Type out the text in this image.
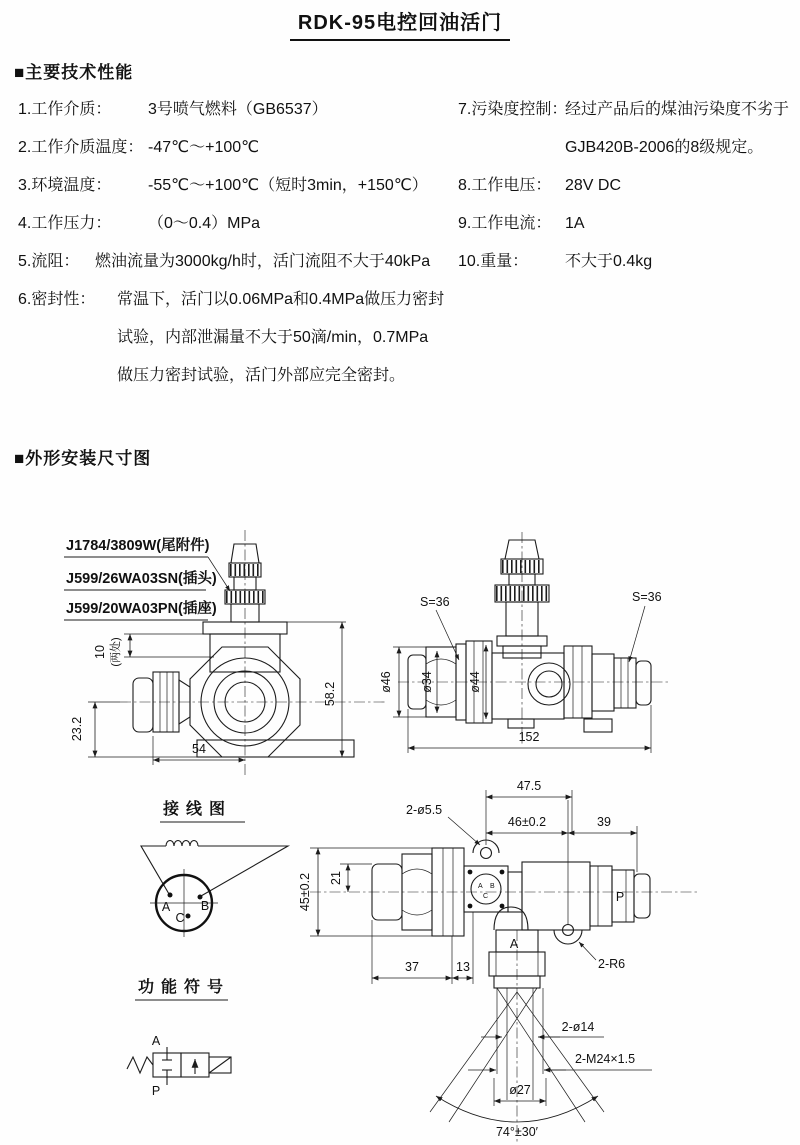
RDK-95电控回油活门
■主要技术性能
1.工作介质：	3号喷气燃料（GB6537）
2.工作介质温度： -47℃～+100℃
3.环境温度：	-55℃～+100℃（短时3min，+150℃）
4.工作压力：	（0～0.4）MPa
5.流阻： 燃油流量为3000kg/h时，活门流阻不大于40kPa
6.密封性：	常温下，活门以0.06MPa和0.4MPa做压力密封
试验，内部泄漏量不大于50滴/min，0.7MPa
做压力密封试验，活门外部应完全密封。
7.污染度控制：
经过产品后的煤油污染度不劣于
GJB420B-2006的8级规定。
8.工作电压： 28V DC
9.工作电流： 1A
10.重量：	不大于0.4kg
■外形安装尺寸图
J1784/3809W(尾附件)
J599/26WA03SN(插头)
J599/20WA03PN(插座)
58.2
10 (两处)
23.2
54
S=36	S=36
ø46 ø34	ø44
152
接线图
A B
C
47.5
46±0.2	39
2-ø5.5
A B
C
A
P
2-R6
45±0.2 21
37	13
74°±30′
2-ø14
2-M24×1.5
ø27
功能符号
A
P
